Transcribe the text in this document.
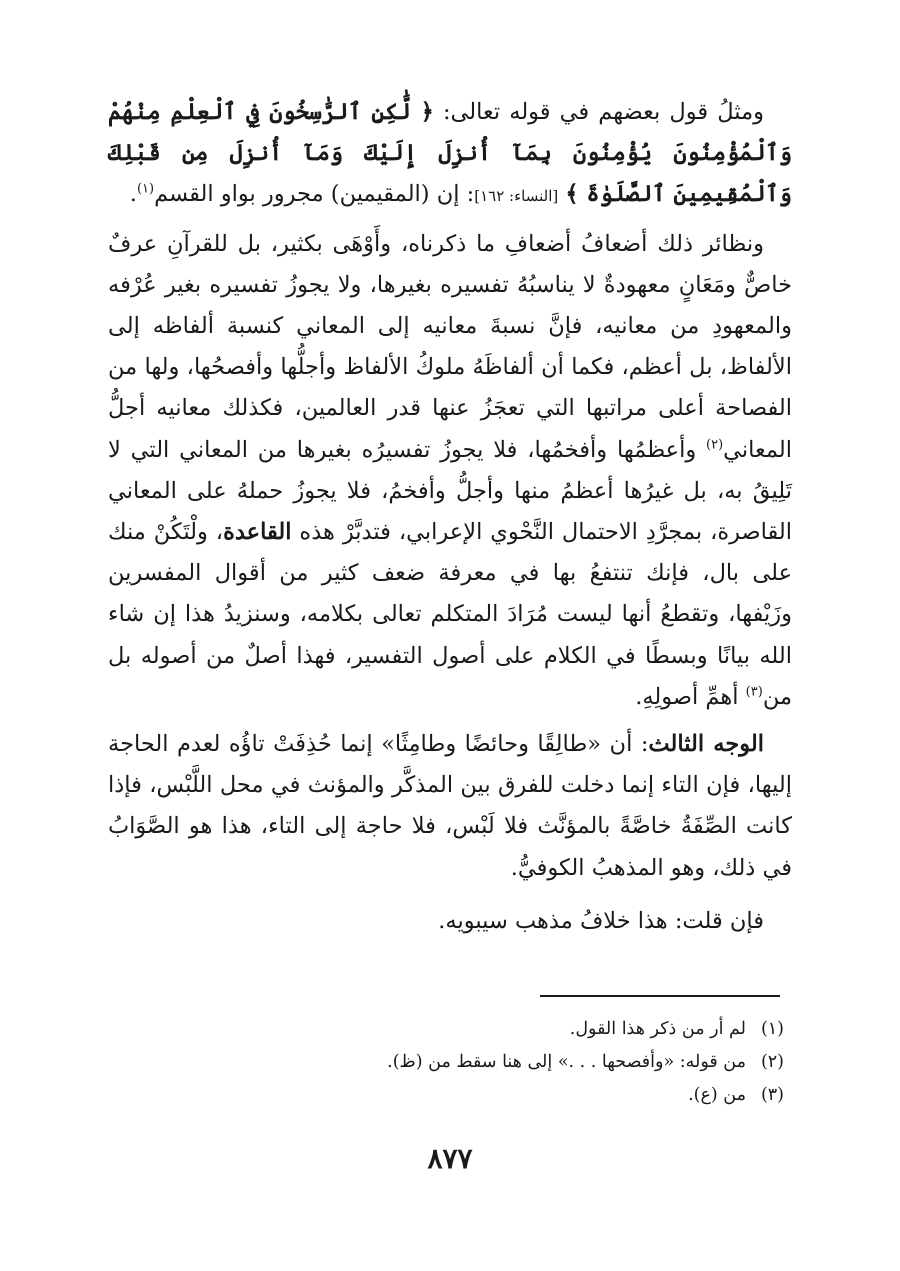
ومثلُ قول بعضهم في قوله تعالى: ﴿ لَّٰكِنِ ٱلرَّٰسِخُونَ فِي ٱلْعِلْمِ مِنْهُمْ وَٱلْمُؤْمِنُونَ يُؤْمِنُونَ بِمَآ أُنزِلَ إِلَيْكَ وَمَآ أُنزِلَ مِن قَبْلِكَ وَٱلْمُقِيمِينَ ٱلصَّلَوٰةَ ﴾ [النساء: ١٦٢]: إن (المقيمين) مجرور بواو القسم$^{(١)}$.

ونظائر ذلك أضعافُ أضعافِ ما ذكرناه، وأَوْهَى بكثير، بل للقرآنِ عرفٌ خاصٌّ ومَعَانٍ معهودةٌ لا يناسبُهُ تفسيره بغيرها، ولا يجوزُ تفسيره بغير عُرْفه والمعهودِ من معانيه، فإنَّ نسبةَ معانيه إلى المعاني كنسبة ألفاظه إلى الألفاظ، بل أعظم، فكما أن ألفاظَهُ ملوكُ الألفاظ وأجلُّها وأفصحُها، ولها من الفصاحة أعلى مراتبها التي تعجَزُ عنها قدر العالمين، فكذلك معانيه أجلُّ المعاني$^{(٢)}$ وأعظمُها وأفخمُها، فلا يجوزُ تفسيرُه بغيرها من المعاني التي لا تَلِيقُ به، بل غيرُها أعظمُ منها وأجلُّ وأفخمُ، فلا يجوزُ حملهُ على المعاني القاصرة، بمجرَّدِ الاحتمال النَّحْوي الإعرابي، فتدبَّرْ هذه القاعدة، ولْتَكُنْ منك على بال، فإنك تنتفعُ بها في معرفة ضعف كثير من أقوال المفسرين وزَيْفها، وتقطعُ أنها ليست مُرَادَ المتكلم تعالى بكلامه، وسنزيدُ هذا إن شاء الله بيانًا وبسطًا في الكلام على أصول التفسير، فهذا أصلٌ من أصوله بل من$^{(٣)}$ أهمِّ أصولِهِ.

الوجه الثالث: أن «طالِقًا وحائضًا وطامِثًا» إنما حُذِفَتْ تاؤُه لعدم الحاجة إليها، فإن التاء إنما دخلت للفرق بين المذكَّر والمؤنث في محل اللَّبْس، فإذا كانت الصِّفَةُ خاصَّةً بالمؤنَّث فلا لَبْس، فلا حاجة إلى التاء، هذا هو الصَّوَابُ في ذلك، وهو المذهبُ الكوفيُّ.

فإن قلت: هذا خلافُ مذهب سيبويه.

(١)لم أر من ذكر هذا القول.

(٢)من قوله: «وأفصحها . . .» إلى هنا سقط من (ظ).

(٣)من (ع).

٨٧٧
